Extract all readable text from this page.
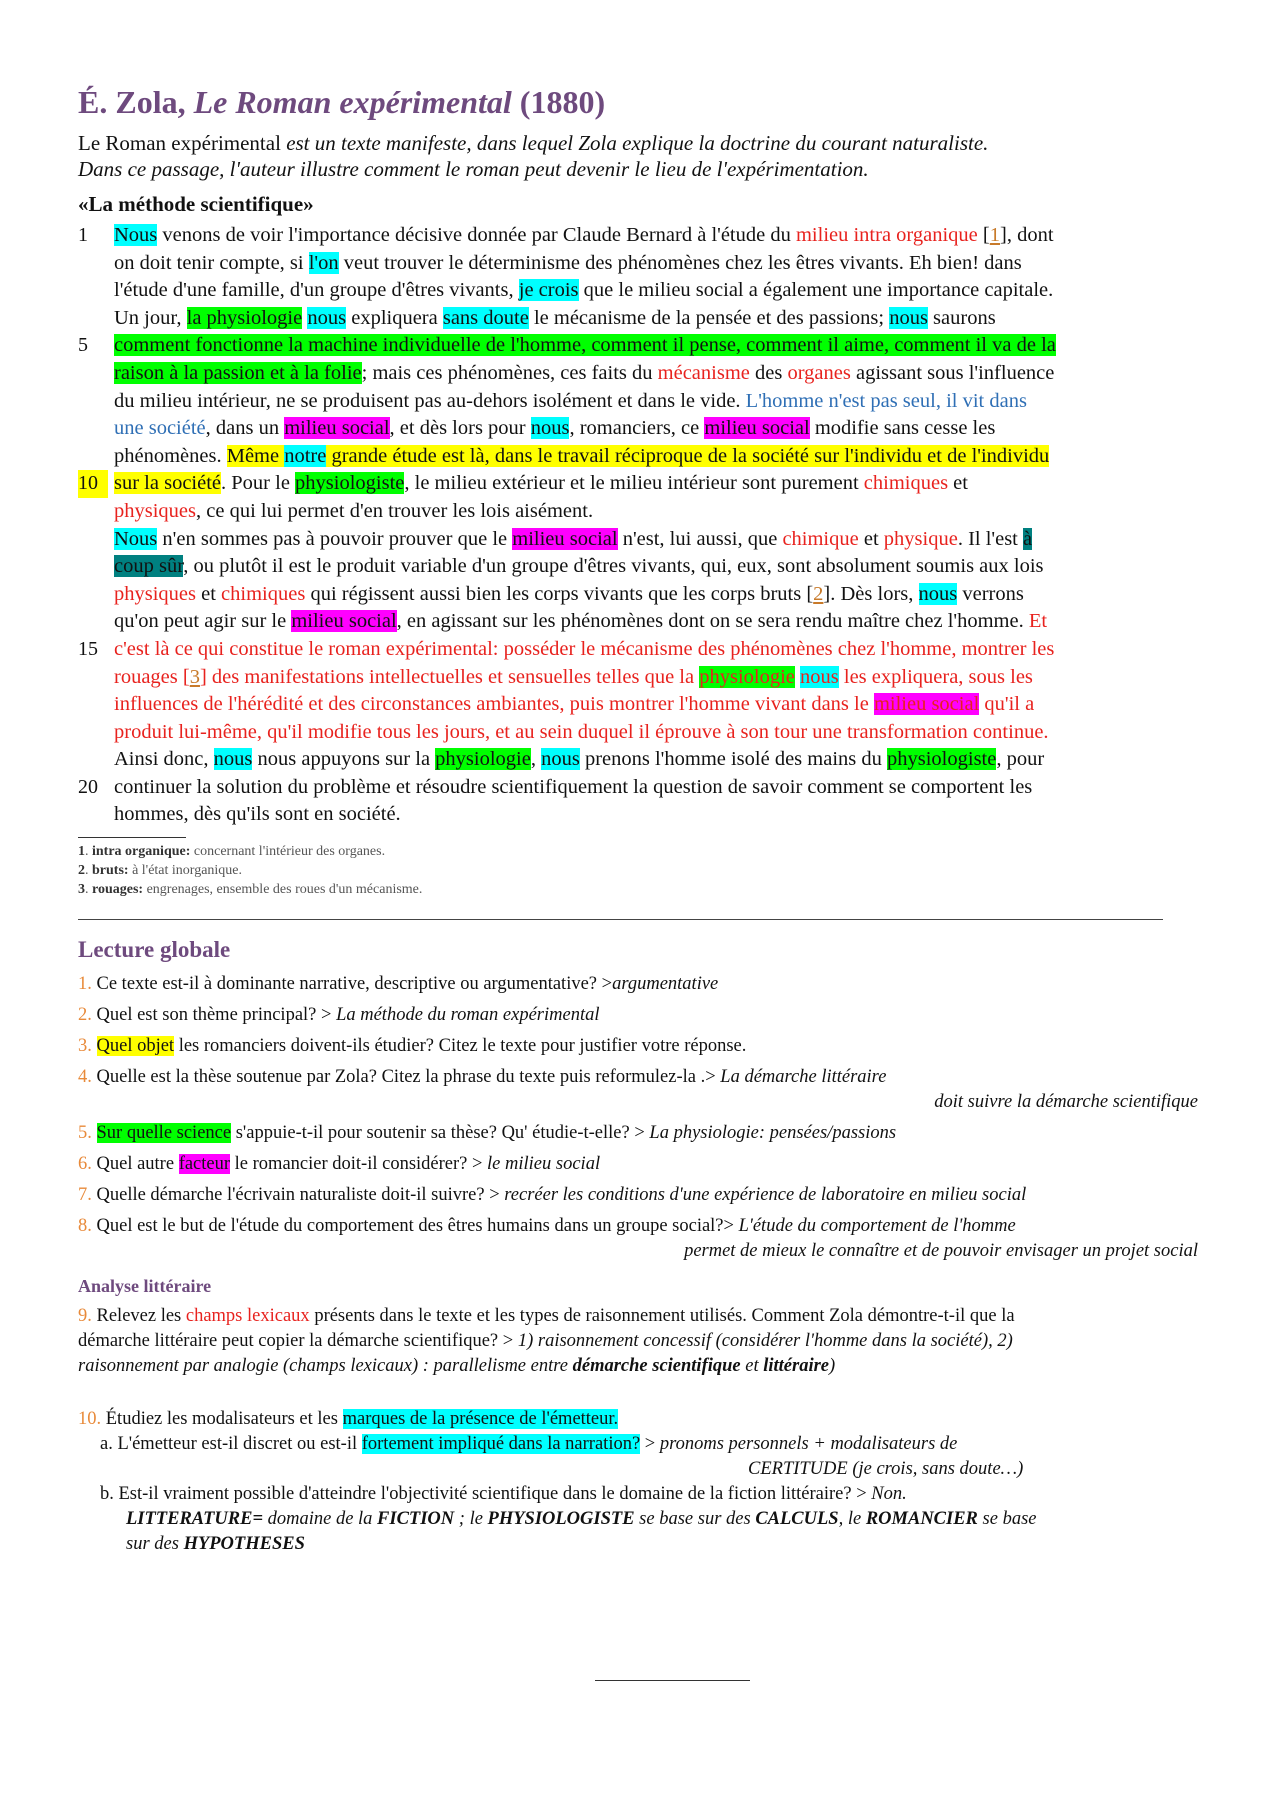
É. Zola, Le Roman expérimental (1880)
Le Roman expérimental est un texte manifeste, dans lequel Zola explique la doctrine du courant naturaliste.
Dans ce passage, l'auteur illustre comment le roman peut devenir le lieu de l'expérimentation.
«La méthode scientifique»
1
5
10
15
20
Nous venons de voir l'importance décisive donnée par Claude Bernard à l'étude du milieu intra organique [1], dont
on doit tenir compte, si l'on veut trouver le déterminisme des phénomènes chez les êtres vivants. Eh bien! dans
l'étude d'une famille, d'un groupe d'êtres vivants, je crois que le milieu social a également une importance capitale.
Un jour, la physiologie nous expliquera sans doute le mécanisme de la pensée et des passions; nous saurons
comment fonctionne la machine individuelle de l'homme, comment il pense, comment il aime, comment il va de la
raison à la passion et à la folie; mais ces phénomènes, ces faits du mécanisme des organes agissant sous l'influence
du milieu intérieur, ne se produisent pas au-dehors isolément et dans le vide. L'homme n'est pas seul, il vit dans
une société, dans un milieu social, et dès lors pour nous, romanciers, ce milieu social modifie sans cesse les
phénomènes. Même notre grande étude est là, dans le travail réciproque de la société sur l'individu et de l'individu
sur la société. Pour le physiologiste, le milieu extérieur et le milieu intérieur sont purement chimiques et
physiques, ce qui lui permet d'en trouver les lois aisément.
Nous n'en sommes pas à pouvoir prouver que le milieu social n'est, lui aussi, que chimique et physique. Il l'est à
coup sûr, ou plutôt il est le produit variable d'un groupe d'êtres vivants, qui, eux, sont absolument soumis aux lois
physiques et chimiques qui régissent aussi bien les corps vivants que les corps bruts [2]. Dès lors, nous verrons
qu'on peut agir sur le milieu social, en agissant sur les phénomènes dont on se sera rendu maître chez l'homme. Et
c'est là ce qui constitue le roman expérimental: posséder le mécanisme des phénomènes chez l'homme, montrer les
rouages [3] des manifestations intellectuelles et sensuelles telles que la physiologie nous les expliquera, sous les
influences de l'hérédité et des circonstances ambiantes, puis montrer l'homme vivant dans le milieu social qu'il a
produit lui-même, qu'il modifie tous les jours, et au sein duquel il éprouve à son tour une transformation continue.
Ainsi donc, nous nous appuyons sur la physiologie, nous prenons l'homme isolé des mains du physiologiste, pour
continuer la solution du problème et résoudre scientifiquement la question de savoir comment se comportent les
hommes, dès qu'ils sont en société.
1. intra organique: concernant l'intérieur des organes.
2. bruts: à l'état inorganique.
3. rouages: engrenages, ensemble des roues d'un mécanisme.
Lecture globale
1. Ce texte est-il à dominante narrative, descriptive ou argumentative? >argumentative
2. Quel est son thème principal? > La méthode du roman expérimental
3. Quel objet les romanciers doivent-ils étudier? Citez le texte pour justifier votre réponse.
4. Quelle est la thèse soutenue par Zola? Citez la phrase du texte puis reformulez-la .> La démarche littéraire
doit suivre la démarche scientifique
5. Sur quelle science s'appuie-t-il pour soutenir sa thèse? Qu' étudie-t-elle? > La physiologie: pensées/passions
6. Quel autre facteur le romancier doit-il considérer? > le milieu social
7. Quelle démarche l'écrivain naturaliste doit-il suivre? > recréer les conditions d'une expérience de laboratoire en milieu social
8. Quel est le but de l'étude du comportement des êtres humains dans un groupe social?> L'étude du comportement de l'homme
permet de mieux le connaître et de pouvoir envisager un projet social
Analyse littéraire
9. Relevez les champs lexicaux présents dans le texte et les types de raisonnement utilisés. Comment Zola démontre-t-il que la
démarche littéraire peut copier la démarche scientifique? > 1) raisonnement concessif (considérer l'homme dans la société), 2)
raisonnement par analogie (champs lexicaux) : parallelisme entre démarche scientifique et littéraire)
10. Étudiez les modalisateurs et les marques de la présence de l'émetteur.
a. L'émetteur est-il discret ou est-il fortement impliqué dans la narration? > pronoms personnels + modalisateurs de
CERTITUDE (je crois, sans doute…)
b. Est-il vraiment possible d'atteindre l'objectivité scientifique dans le domaine de la fiction littéraire? > Non.
LITTERATURE= domaine de la FICTION ; le PHYSIOLOGISTE se base sur des CALCULS, le ROMANCIER se base
sur des HYPOTHESES
